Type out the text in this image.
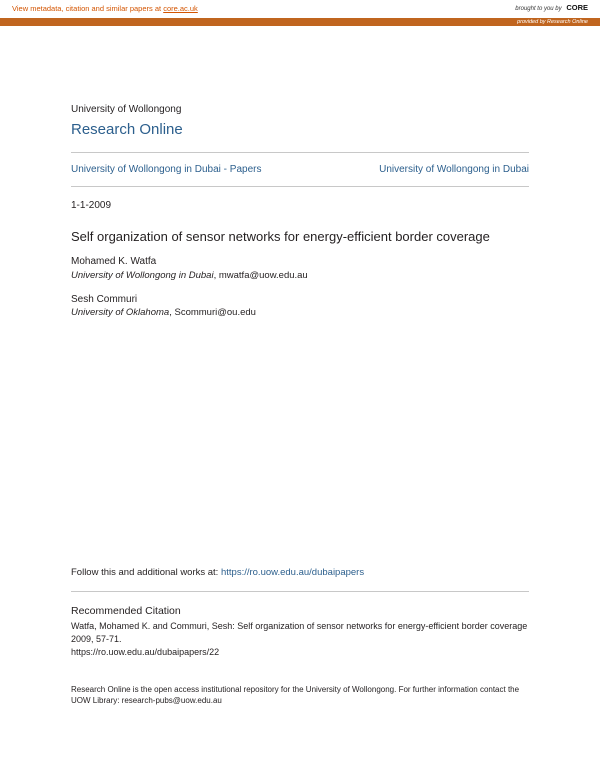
View metadata, citation and similar papers at core.ac.uk	brought to you by CORE
provided by Research Online
University of Wollongong
Research Online
University of Wollongong in Dubai - Papers	University of Wollongong in Dubai
1-1-2009
Self organization of sensor networks for energy-efficient border coverage
Mohamed K. Watfa
University of Wollongong in Dubai, mwatfa@uow.edu.au
Sesh Commuri
University of Oklahoma, Scommuri@ou.edu
Follow this and additional works at: https://ro.uow.edu.au/dubaipapers
Recommended Citation
Watfa, Mohamed K. and Commuri, Sesh: Self organization of sensor networks for energy-efficient border coverage 2009, 57-71.
https://ro.uow.edu.au/dubaipapers/22
Research Online is the open access institutional repository for the University of Wollongong. For further information contact the UOW Library: research-pubs@uow.edu.au
